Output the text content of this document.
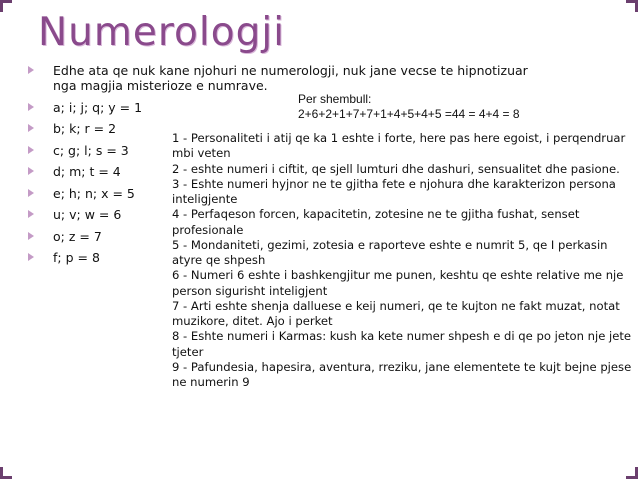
Numerologji
Edhe ata qe nuk kane njohuri ne numerologji, nuk jane vecse te hipnotizuar
nga magjia misterioze e numrave.
a; i; j; q; y = 1
b; k; r = 2
c; g; l; s = 3
d; m; t = 4
e; h; n; x = 5
u; v; w = 6
o; z = 7
f; p = 8
Per shembull:
2+6+2+1+7+7+1+4+5+4+5 =44 = 4+4 = 8
1 - Personaliteti i atij qe ka 1 eshte i forte, here pas here egoist, i perqendruar mbi veten
2 - eshte numeri i ciftit, qe sjell lumturi dhe dashuri, sensualitet dhe pasione.
3 - Eshte numeri hyjnor ne te gjitha fete e njohura dhe karakterizon persona inteligjente
4 - Perfaqeson forcen, kapacitetin, zotesine ne te gjitha fushat, senset profesionale
5 - Mondaniteti, gezimi, zotesia e raporteve eshte e numrit 5, qe I perkasin atyre qe shpesh
6 - Numeri 6 eshte i bashkengjitur me punen, keshtu qe eshte relative me nje person sigurisht inteligjent
7 - Arti eshte shenja dalluese e keij numeri, qe te kujton ne fakt muzat, notat muzikore, ditet. Ajo i perket
8 - Eshte numeri i Karmas: kush ka kete numer shpesh e di qe po jeton nje jete tjeter
9 - Pafundesia, hapesira, aventura, rreziku, jane elementete te kujt bejne pjese ne numerin 9
